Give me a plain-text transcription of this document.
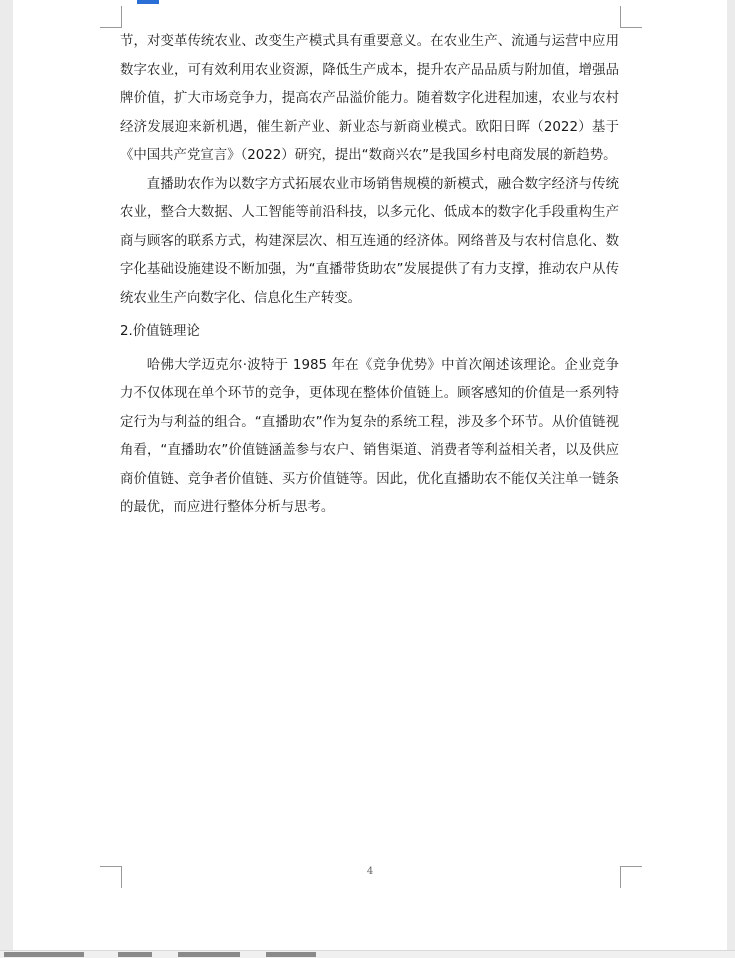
节，对变革传统农业、改变生产模式具有重要意义。在农业生产、流通与运营中应用数字农业，可有效利用农业资源，降低生产成本，提升农产品品质与附加值，增强品牌价值，扩大市场竞争力，提高农产品溢价能力。随着数字化进程加速，农业与农村经济发展迎来新机遇，催生新产业、新业态与新商业模式。欧阳日晖（2022）基于《中国共产党宣言》（2022）研究，提出“数商兴农”是我国乡村电商发展的新趋势。

直播助农作为以数字方式拓展农业市场销售规模的新模式，融合数字经济与传统农业，整合大数据、人工智能等前沿科技，以多元化、低成本的数字化手段重构生产商与顾客的联系方式，构建深层次、相互连通的经济体。网络普及与农村信息化、数字化基础设施建设不断加强，为“直播带货助农”发展提供了有力支撑，推动农户从传统农业生产向数字化、信息化生产转变。

2.价值链理论

哈佛大学迈克尔·波特于 1985 年在《竞争优势》中首次阐述该理论。企业竞争力不仅体现在单个环节的竞争，更体现在整体价值链上。顾客感知的价值是一系列特定行为与利益的组合。“直播助农”作为复杂的系统工程，涉及多个环节。从价值链视角看，“直播助农”价值链涵盖参与农户、销售渠道、消费者等利益相关者，以及供应商价值链、竞争者价值链、买方价值链等。因此，优化直播助农不能仅关注单一链条的最优，而应进行整体分析与思考。

4
